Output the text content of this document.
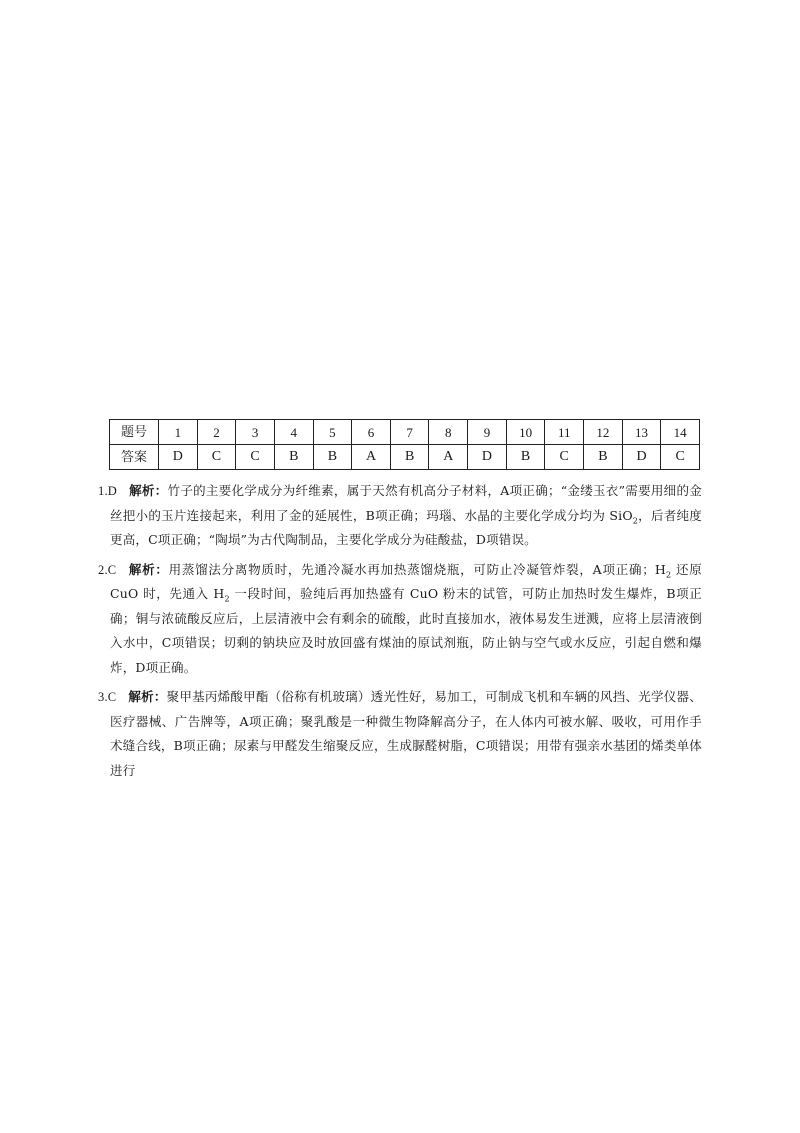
题号	1	2	3	4	5	6	7	8	9	10	11	12	13	14
答案	D	C	C	B	B	A	B	A	D	B	C	B	D	C

1.D 解析：竹子的主要化学成分为纤维素，属于天然有机高分子材料，A项正确；“金缕玉衣”需要用细的金丝把小的玉片连接起来，利用了金的延展性，B项正确；玛瑙、水晶的主要化学成分均为 SiO$_2$，后者纯度更高，C项正确；“陶埙”为古代陶制品，主要化学成分为硅酸盐，D项错误。

2.C 解析：用蒸馏法分离物质时，先通冷凝水再加热蒸馏烧瓶，可防止冷凝管炸裂，A项正确；$H_2$ 还原 CuO 时，先通入 $H_2$ 一段时间，验纯后再加热盛有 CuO 粉末的试管，可防止加热时发生爆炸，B项正确；铜与浓硫酸反应后，上层清液中会有剩余的硫酸，此时直接加水，液体易发生迸溅，应将上层清液倒入水中，C项错误；切剩的钠块应及时放回盛有煤油的原试剂瓶，防止钠与空气或水反应，引起自燃和爆炸，D项正确。

3.C 解析：聚甲基丙烯酸甲酯（俗称有机玻璃）透光性好，易加工，可制成飞机和车辆的风挡、光学仪器、医疗器械、广告牌等，A项正确；聚乳酸是一种微生物降解高分子，在人体内可被水解、吸收，可用作手术缝合线，B项正确；尿素与甲醛发生缩聚反应，生成脲醛树脂，C项错误；用带有强亲水基团的烯类单体进行
